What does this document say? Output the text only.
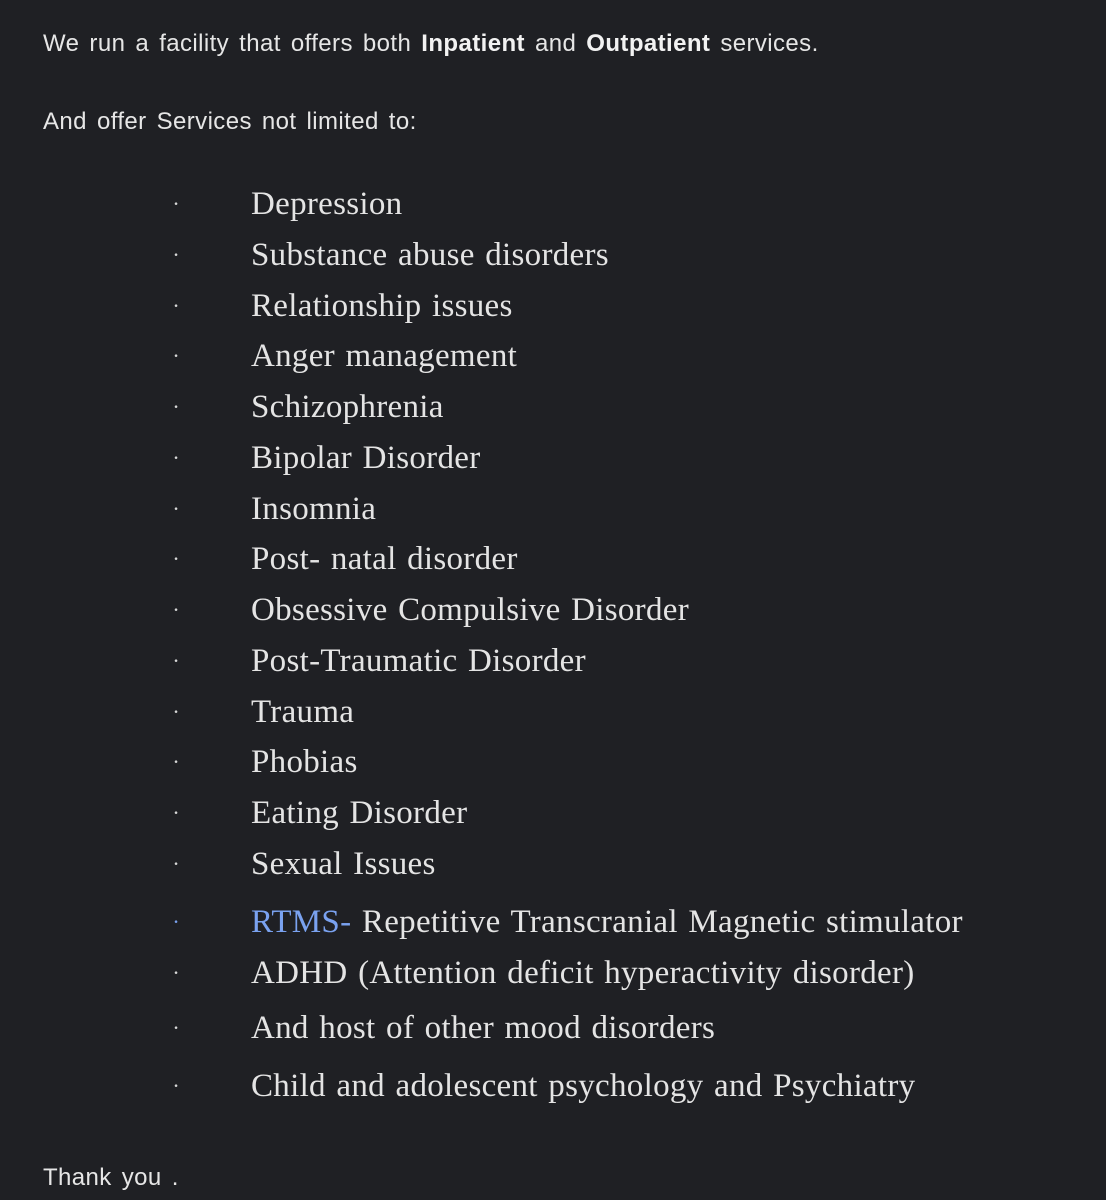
We run a facility that offers both Inpatient and Outpatient services.
And offer Services not limited to:
· Depression
· Substance abuse disorders
· Relationship issues
· Anger management
· Schizophrenia
· Bipolar Disorder
· Insomnia
· Post- natal disorder
· Obsessive Compulsive Disorder
· Post-Traumatic Disorder
· Trauma
· Phobias
· Eating Disorder
· Sexual Issues
· RTMS- Repetitive Transcranial Magnetic stimulator
· ADHD (Attention deficit hyperactivity disorder)
· And host of other mood disorders
· Child and adolescent psychology and Psychiatry
Thank you .
